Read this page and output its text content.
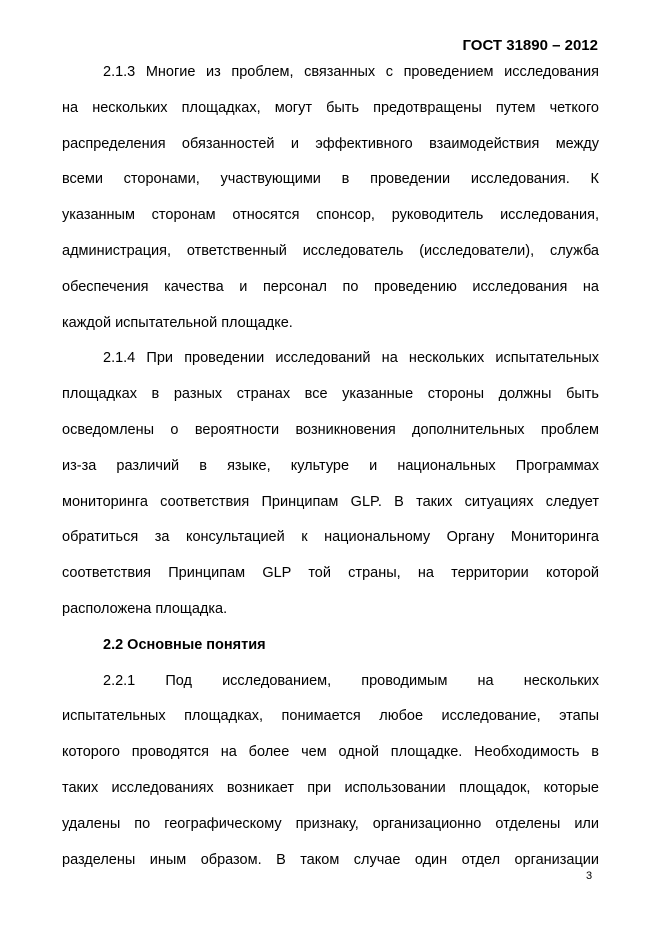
ГОСТ 31890 – 2012
2.1.3 Многие из проблем, связанных с проведением исследования
на нескольких площадках, могут быть предотвращены путем четкого
распределения обязанностей и эффективного взаимодействия между
всеми сторонами, участвующими в проведении исследования. К
указанным сторонам относятся спонсор, руководитель исследования,
администрация, ответственный исследователь (исследователи), служба
обеспечения качества и персонал по проведению исследования на
каждой испытательной площадке.
2.1.4 При проведении исследований на нескольких испытательных
площадках в разных странах все указанные стороны должны быть
осведомлены о вероятности возникновения дополнительных проблем
из-за различий в языке, культуре и национальных Программах
мониторинга соответствия Принципам GLP. В таких ситуациях следует
обратиться за консультацией к национальному Органу Мониторинга
соответствия Принципам GLP той страны, на территории которой
расположена площадка.
2.2 Основные понятия
2.2.1 Под исследованием, проводимым на нескольких
испытательных площадках, понимается любое исследование, этапы
которого проводятся на более чем одной площадке. Необходимость в
таких исследованиях возникает при использовании площадок, которые
удалены по географическому признаку, организационно отделены или
разделены иным образом. В таком случае один отдел организации
3
